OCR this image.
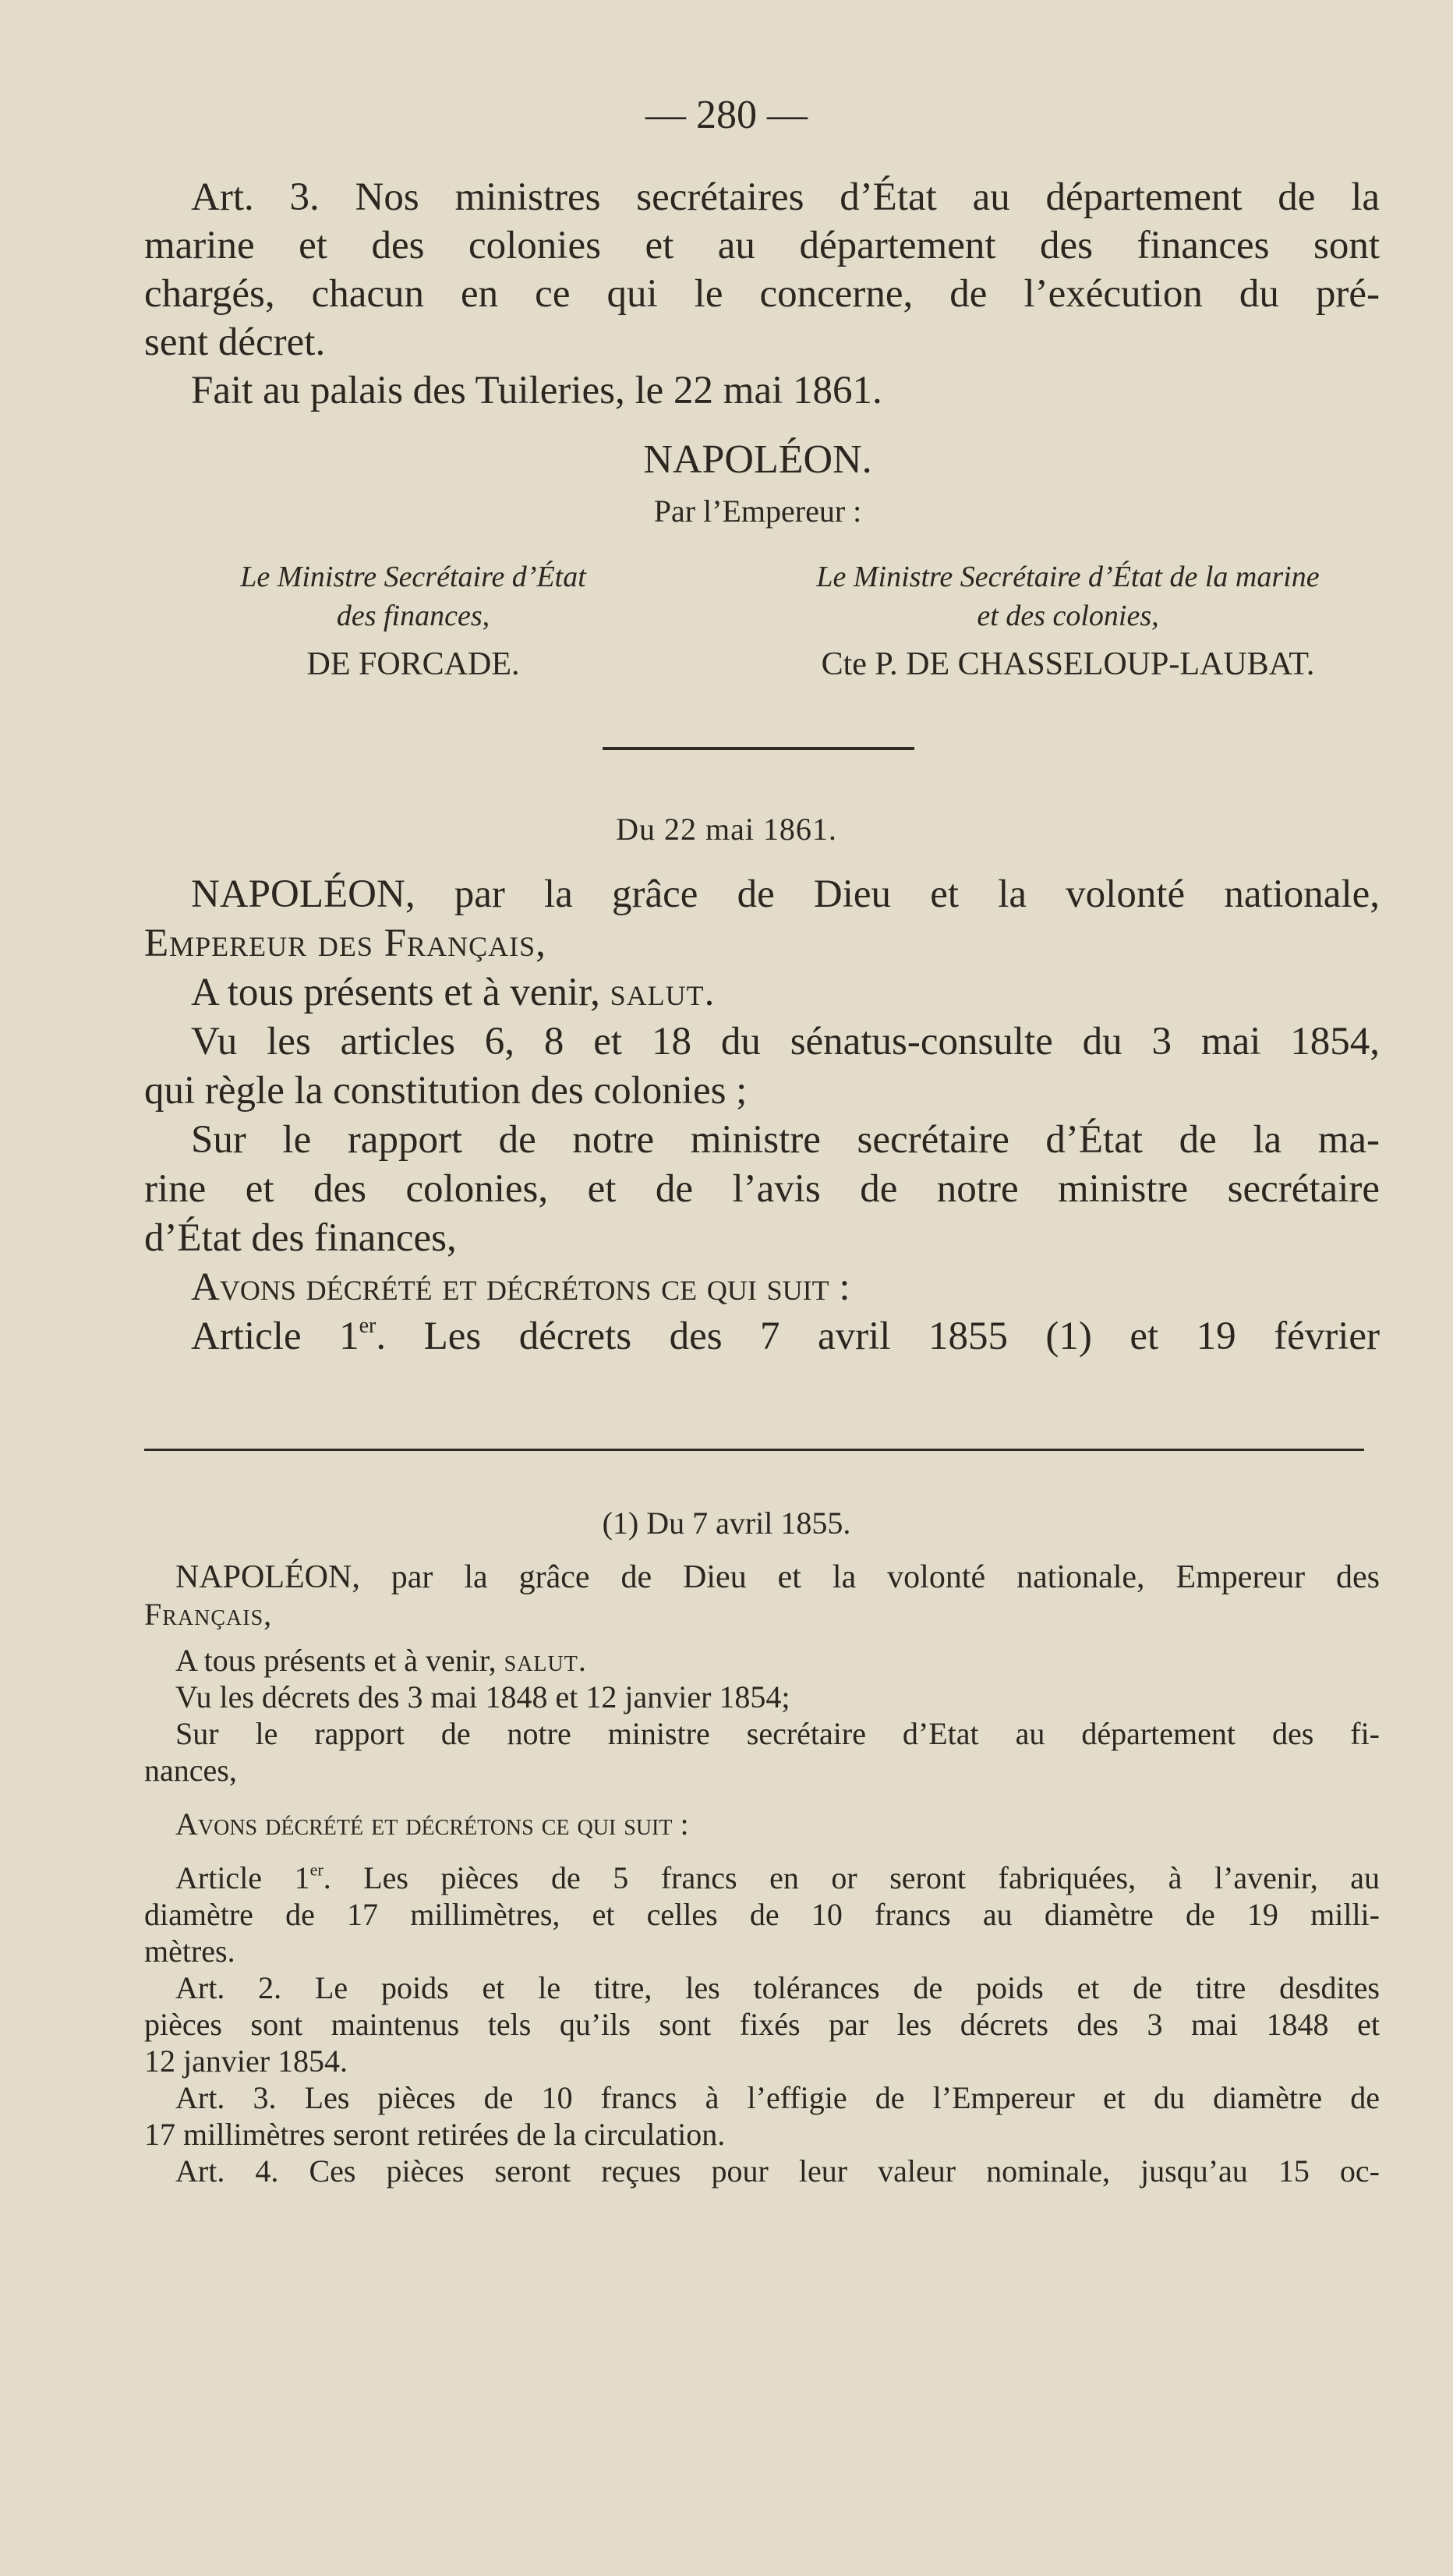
— 280 —

Art. 3. Nos ministres secrétaires d’État au département de la

marine et des colonies et au département des finances sont

chargés, chacun en ce qui le concerne, de l’exécution du pré-

sent décret.

Fait au palais des Tuileries, le 22 mai 1861.

NAPOLÉON.
Par l’Empereur :
Le Ministre Secrétaire d’État
des finances,
DE FORCADE.
Le Ministre Secrétaire d’État de la marine
et des colonies,
Cte P. DE CHASSELOUP-LAUBAT.
Du 22 mai 1861.

NAPOLÉON, par la grâce de Dieu et la volonté nationale,

Empereur des Français,

A tous présents et à venir, salut.

Vu les articles 6, 8 et 18 du sénatus-consulte du 3 mai 1854,

qui règle la constitution des colonies ;

Sur le rapport de notre ministre secrétaire d’État de la ma-

rine et des colonies, et de l’avis de notre ministre secrétaire

d’État des finances,

Avons décrété et décrétons ce qui suit :

Article 1er. Les décrets des 7 avril 1855 (1) et 19 février

(1) Du 7 avril 1855.

NAPOLÉON, par la grâce de Dieu et la volonté nationale, Empereur des

Français,

A tous présents et à venir, salut.

Vu les décrets des 3 mai 1848 et 12 janvier 1854;

Sur le rapport de notre ministre secrétaire d’Etat au département des fi-

nances,

Avons décrété et décrétons ce qui suit :

Article 1er. Les pièces de 5 francs en or seront fabriquées, à l’avenir, au

diamètre de 17 millimètres, et celles de 10 francs au diamètre de 19 milli-

mètres.

Art. 2. Le poids et le titre, les tolérances de poids et de titre desdites

pièces sont maintenus tels qu’ils sont fixés par les décrets des 3 mai 1848 et

12 janvier 1854.

Art. 3. Les pièces de 10 francs à l’effigie de l’Empereur et du diamètre de

17 millimètres seront retirées de la circulation.

Art. 4. Ces pièces seront reçues pour leur valeur nominale, jusqu’au 15 oc-
